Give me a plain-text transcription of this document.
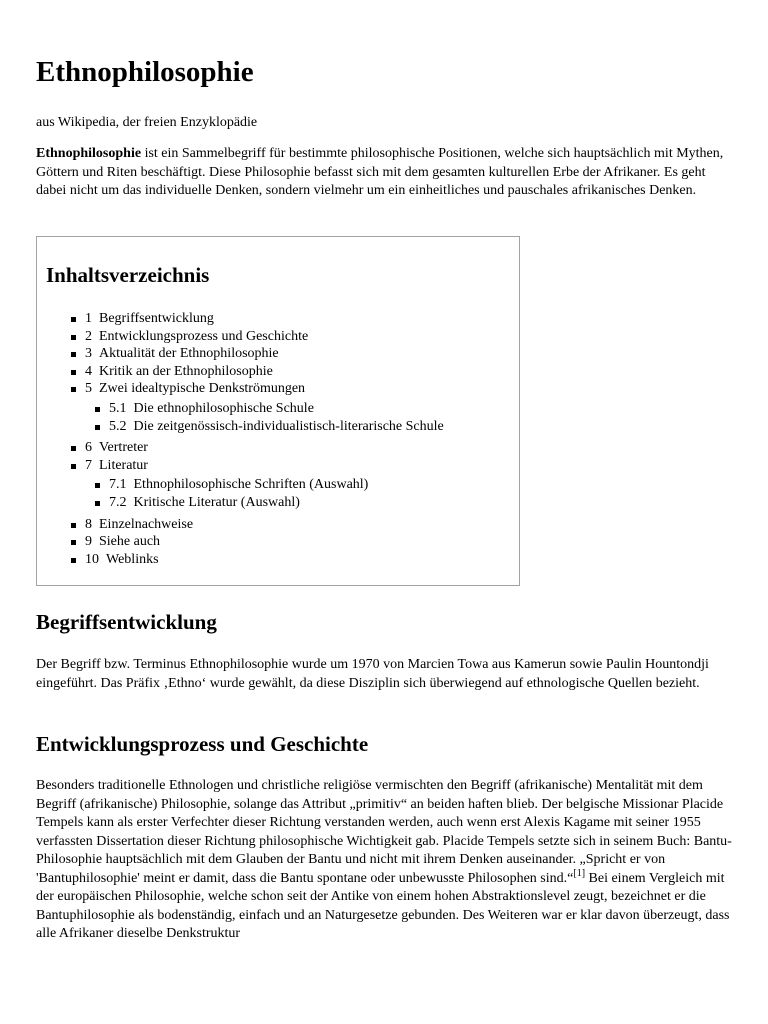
Ethnophilosophie
aus Wikipedia, der freien Enzyklopädie

Ethnophilosophie ist ein Sammelbegriff für bestimmte philosophische Positionen, welche sich hauptsächlich mit Mythen, Göttern und Riten beschäftigt. Diese Philosophie befasst sich mit dem gesamten kulturellen Erbe der Afrikaner. Es geht dabei nicht um das individuelle Denken, sondern vielmehr um ein einheitliches und pauschales afrikanisches Denken.

Inhaltsverzeichnis
1 Begriffsentwicklung
2 Entwicklungsprozess und Geschichte
3 Aktualität der Ethnophilosophie
4 Kritik an der Ethnophilosophie
5 Zwei idealtypische Denkströmungen
5.1 Die ethnophilosophische Schule
5.2 Die zeitgenössisch-individualistisch-literarische Schule
6 Vertreter
7 Literatur
7.1 Ethnophilosophische Schriften (Auswahl)
7.2 Kritische Literatur (Auswahl)
8 Einzelnachweise
9 Siehe auch
10 Weblinks
Begriffsentwicklung

Der Begriff bzw. Terminus Ethnophilosophie wurde um 1970 von Marcien Towa aus Kamerun sowie Paulin Hountondji eingeführt. Das Präfix ‚Ethno‘ wurde gewählt, da diese Disziplin sich überwiegend auf ethnologische Quellen bezieht.

Entwicklungsprozess und Geschichte

Besonders traditionelle Ethnologen und christliche religiöse vermischten den Begriff (afrikanische) Mentalität mit dem Begriff (afrikanische) Philosophie, solange das Attribut „primitiv“ an beiden haften blieb. Der belgische Missionar Placide Tempels kann als erster Verfechter dieser Richtung verstanden werden, auch wenn erst Alexis Kagame mit seiner 1955 verfassten Dissertation dieser Richtung philosophische Wichtigkeit gab. Placide Tempels setzte sich in seinem Buch: Bantu-Philosophie hauptsächlich mit dem Glauben der Bantu und nicht mit ihrem Denken auseinander. „Spricht er von 'Bantuphilosophie' meint er damit, dass die Bantu spontane oder unbewusste Philosophen sind.“[1] Bei einem Vergleich mit der europäischen Philosophie, welche schon seit der Antike von einem hohen Abstraktionslevel zeugt, bezeichnet er die Bantuphilosophie als bodenständig, einfach und an Naturgesetze gebunden. Des Weiteren war er klar davon überzeugt, dass alle Afrikaner dieselbe Denkstruktur
